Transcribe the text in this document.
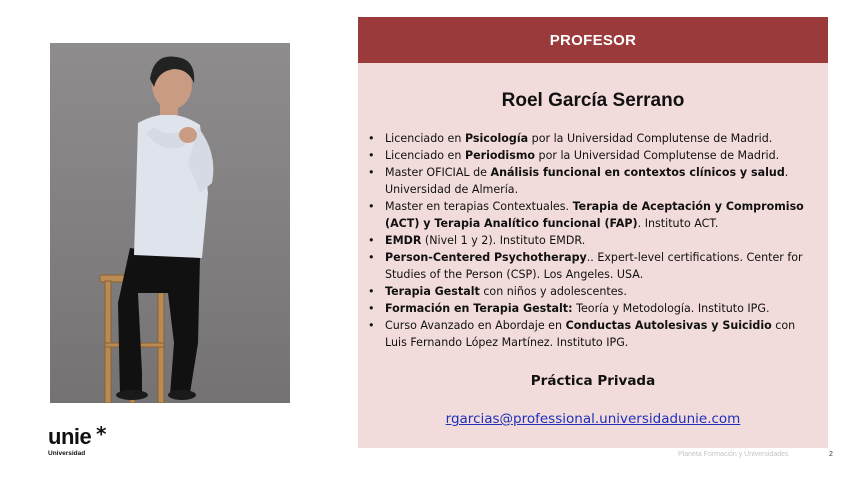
PROFESOR
Roel García Serrano
• Licenciado en Psicología por la Universidad Complutense de Madrid.
• Licenciado en Periodismo por la Universidad Complutense de Madrid.
• Master OFICIAL de Análisis funcional en contextos clínicos y salud. Universidad de Almería.
• Master en terapias Contextuales. Terapia de Aceptación y Compromiso (ACT) y Terapia Analítico funcional (FAP). Instituto ACT.
• EMDR (Nivel 1 y 2). Instituto EMDR.
• Person-Centered Psychotherapy.. Expert-level certifications. Center for Studies of the Person (CSP). Los Angeles. USA.
• Terapia Gestalt con niños y adolescentes.
• Formación en Terapia Gestalt: Teoría y Metodología. Instituto IPG.
• Curso Avanzado en Abordaje en Conductas Autolesivas y Suicidio con Luis Fernando López Martínez. Instituto IPG.
Práctica Privada
rgarcias@professional.universidadunie.com
unie *
Universidad	Planeta Formación y Universidades	2
